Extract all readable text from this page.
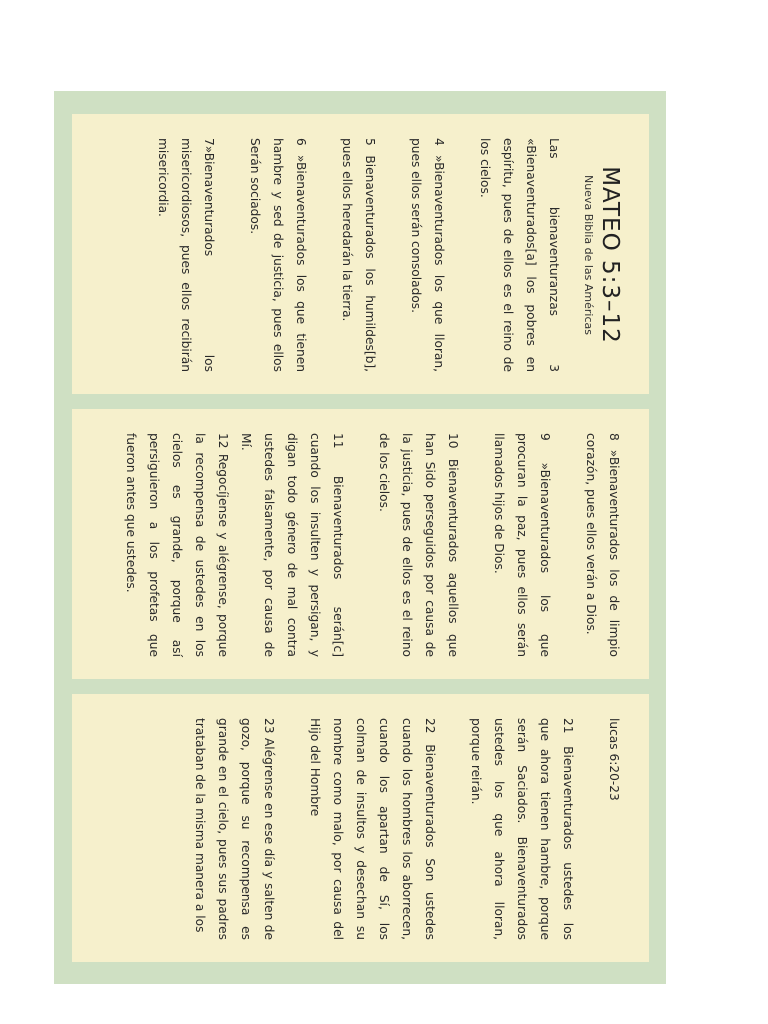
MATEO 5:3–12
Nueva Biblia de las Américas

Las bienaventuranzas 3 «Bienaventurados[a] los pobres en espíritu, pues de ellos es el reino de los cielos.

4 »Bienaventurados los que lloran, pues ellos serán consolados.

5 Bienaventurados los humildes[b], pues ellos heredarán la tierra.

6 »Bienaventurados los que tienen hambre y sed de justicia, pues ellos Serán sociados.

7»Bienaventurados los misericordiosos, pues ellos recibirán misericordia.

8 »Bienaventurados los de limpio corazón, pues ellos verán a Dios.

9 »Bienaventurados los que procuran la paz, pues ellos serán llamados hijos de Dios.

10 Bienaventurados aquellos que han Sido perseguidos por causa de la justicia, pues de ellos es el reino de los cielos.

11 Bienaventurados serán[c] cuando los insulten y persigan, y digan todo género de mal contra ustedes falsamente, por causa de Mí.

12 Regocíjense y alégrense, porque la recompensa de ustedes en los cielos es grande, porque así persiguieron a los profetas que fueron antes que ustedes.

lucas 6:20-23

21 Bienaventurados ustedes los que ahora tienen hambre, porque serán Saciados. Bienaventurados ustedes los que ahora lloran, porque reirán.

22 Bienaventurados Son ustedes cuando los hombres los aborrecen, cuando los apartan de Sí, los colman de insultos y desechan su nombre como malo, por causa del Hijo del Hombre

23 Alégrense en ese día y salten de gozo, porque su recompensa es grande en el cielo, pues sus padres trataban de la misma manera a los
